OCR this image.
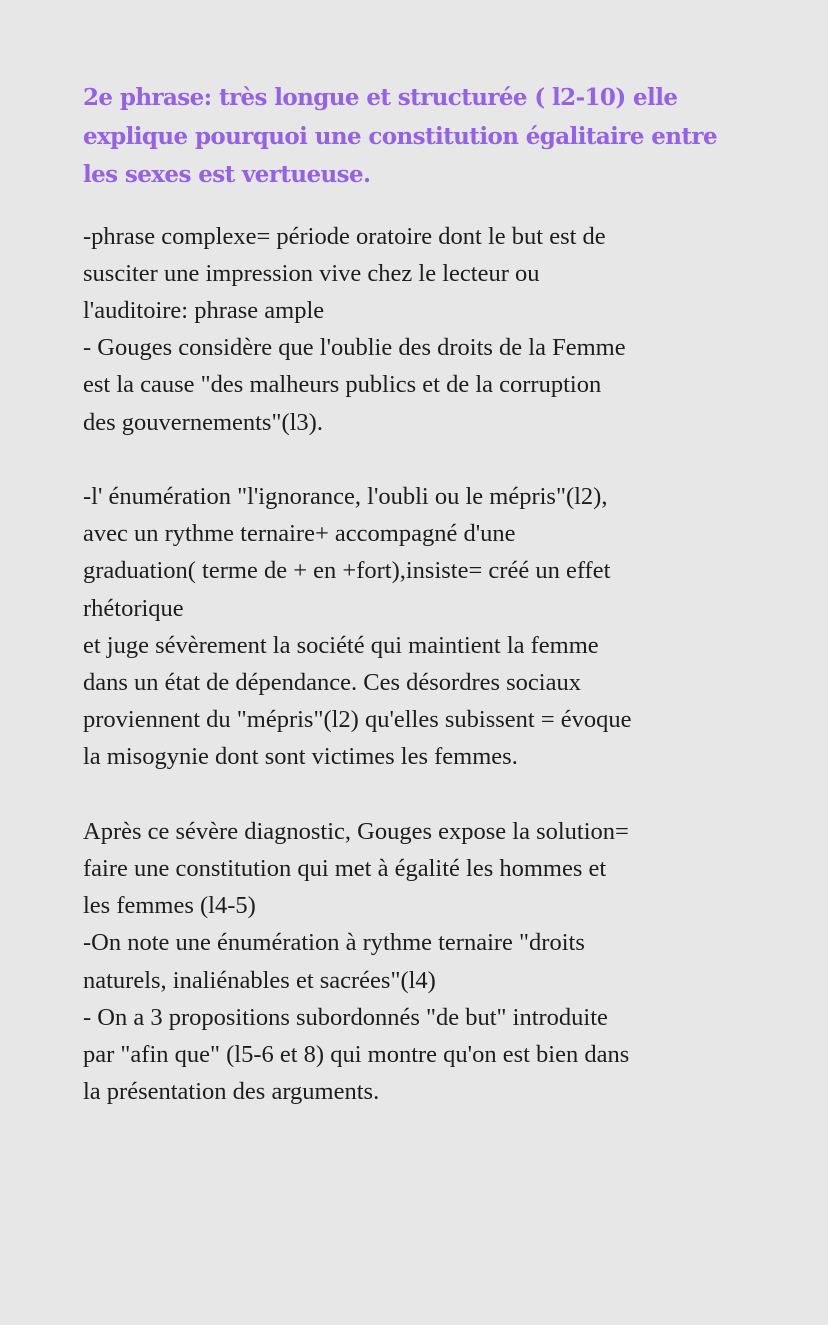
2e phrase: très longue et structurée ( l2-10) elle
explique pourquoi une constitution égalitaire entre
les sexes est vertueuse.
-phrase complexe= période oratoire dont le but est de
susciter une impression vive chez le lecteur ou
l'auditoire: phrase ample
- Gouges considère que l'oublie des droits de la Femme
est la cause "des malheurs publics et de la corruption
des gouvernements"(l3).
-l' énumération "l'ignorance, l'oubli ou le mépris"(l2),
avec un rythme ternaire+ accompagné d'une
graduation( terme de + en +fort),insiste= créé un effet
rhétorique
et juge sévèrement la société qui maintient la femme
dans un état de dépendance. Ces désordres sociaux
proviennent du "mépris"(l2) qu'elles subissent = évoque
la misogynie dont sont victimes les femmes.
Après ce sévère diagnostic, Gouges expose la solution=
faire une constitution qui met à égalité les hommes et
les femmes (l4-5)
-On note une énumération à rythme ternaire "droits
naturels, inaliénables et sacrées"(l4)
- On a 3 propositions subordonnés "de but" introduite
par "afin que" (l5-6 et 8) qui montre qu'on est bien dans
la présentation des arguments.
